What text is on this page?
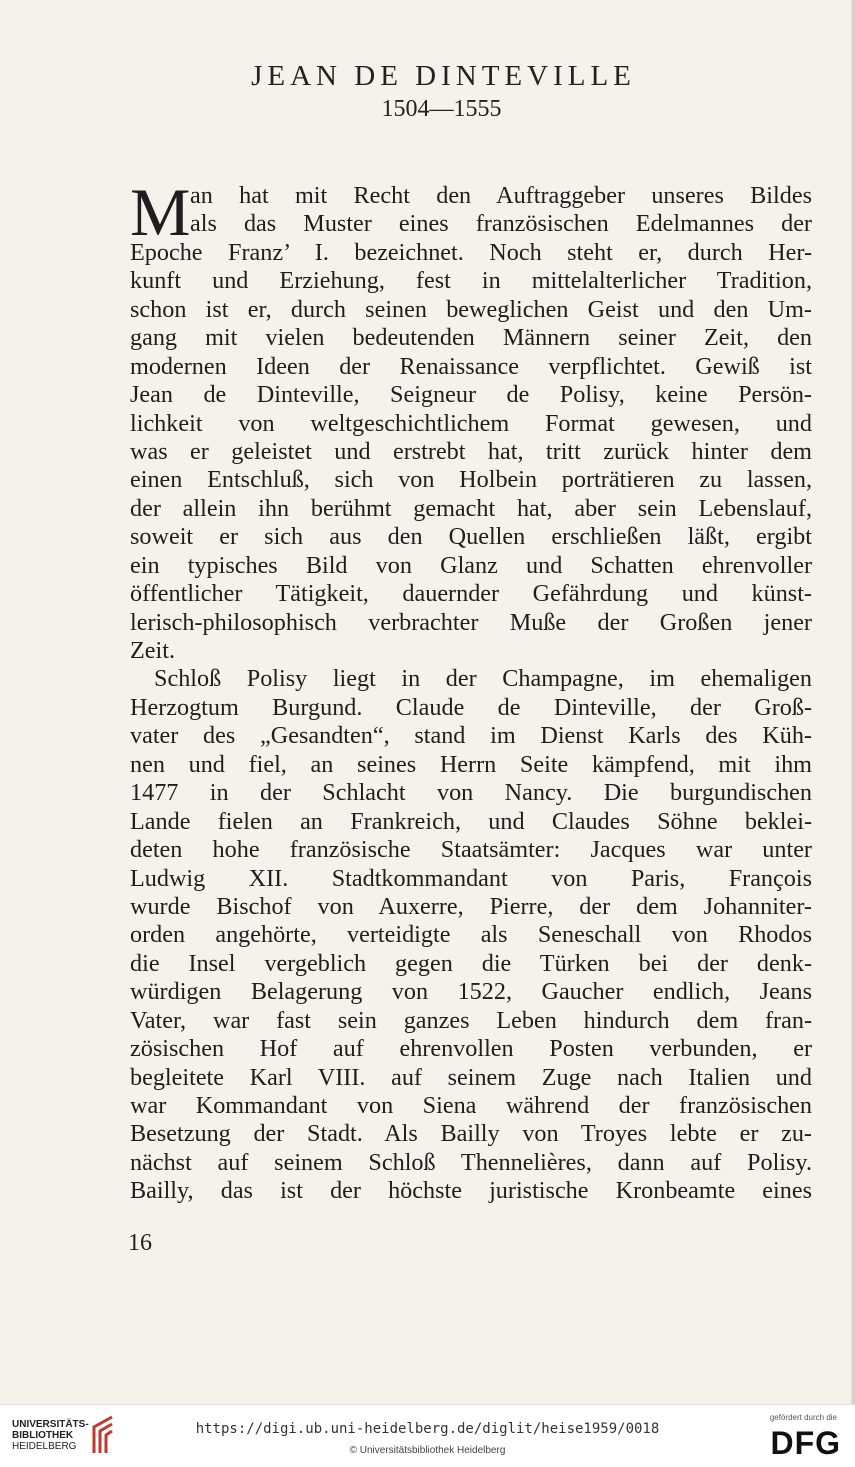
JEAN DE DINTEVILLE
1504—1555
M an hat mit Recht den Auftraggeber unseres Bildes
als das Muster eines französischen Edelmannes der
Epoche Franz’ I. bezeichnet. Noch steht er, durch Her-
kunft und Erziehung, fest in mittelalterlicher Tradition,
schon ist er, durch seinen beweglichen Geist und den Um-
gang mit vielen bedeutenden Männern seiner Zeit, den
modernen Ideen der Renaissance verpflichtet. Gewiß ist
Jean de Dinteville, Seigneur de Polisy, keine Persön-
lichkeit von weltgeschichtlichem Format gewesen, und
was er geleistet und erstrebt hat, tritt zurück hinter dem
einen Entschluß, sich von Holbein porträtieren zu lassen,
der allein ihn berühmt gemacht hat, aber sein Lebenslauf,
soweit er sich aus den Quellen erschließen läßt, ergibt
ein typisches Bild von Glanz und Schatten ehrenvoller
öffentlicher Tätigkeit, dauernder Gefährdung und künst-
lerisch-philosophisch verbrachter Muße der Großen jener
Zeit.
Schloß Polisy liegt in der Champagne, im ehemaligen
Herzogtum Burgund. Claude de Dinteville, der Groß-
vater des „Gesandten“, stand im Dienst Karls des Küh-
nen und fiel, an seines Herrn Seite kämpfend, mit ihm
1477 in der Schlacht von Nancy. Die burgundischen
Lande fielen an Frankreich, und Claudes Söhne beklei-
deten hohe französische Staatsämter: Jacques war unter
Ludwig XII. Stadtkommandant von Paris, François
wurde Bischof von Auxerre, Pierre, der dem Johanniter-
orden angehörte, verteidigte als Seneschall von Rhodos
die Insel vergeblich gegen die Türken bei der denk-
würdigen Belagerung von 1522, Gaucher endlich, Jeans
Vater, war fast sein ganzes Leben hindurch dem fran-
zösischen Hof auf ehrenvollen Posten verbunden, er
begleitete Karl VIII. auf seinem Zuge nach Italien und
war Kommandant von Siena während der französischen
Besetzung der Stadt. Als Bailly von Troyes lebte er zu-
nächst auf seinem Schloß Thennelières, dann auf Polisy.
Bailly, das ist der höchste juristische Kronbeamte eines
16
UNIVERSITÄTS-
BIBLIOTHEK
HEIDELBERG
https://digi.ub.uni-heidelberg.de/diglit/heise1959/0018
© Universitätsbibliothek Heidelberg
gefördert durch die
DFG
